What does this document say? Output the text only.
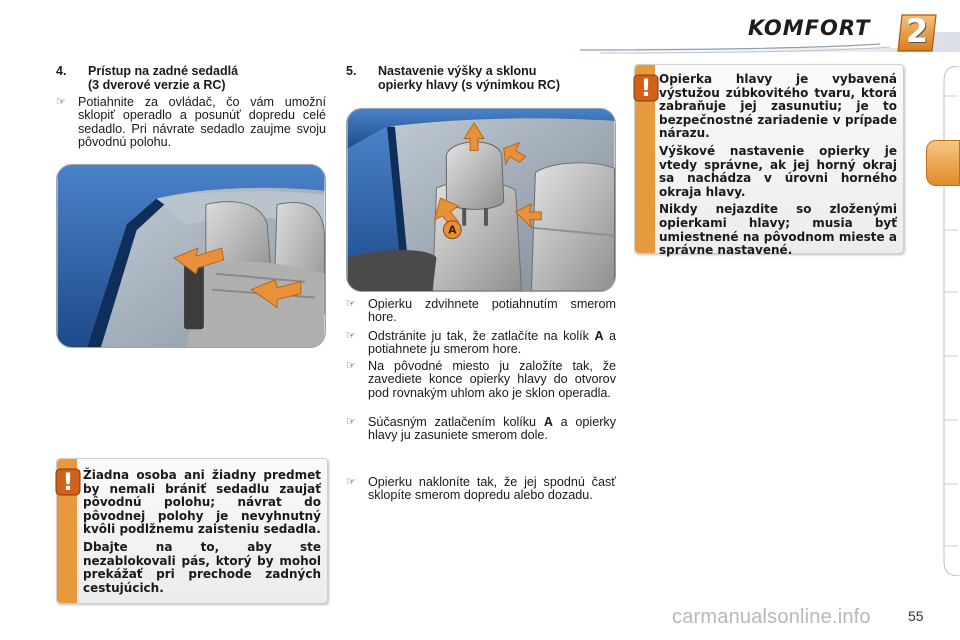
KOMFORT	2
4. Prístup na zadné sedadlá
(3 dverové verzie a RC)
☞ Potiahnite za ovládač, čo vám umožní sklopiť operadlo a posunúť dopredu celé sedadlo. Pri návrate sedadlo zaujme svoju pôvodnú polohu.
5. Nastavenie výšky a sklonu
opierky hlavy (s výnimkou RC)
A
☞ Opierku zdvihnete potiahnutím smerom hore.
☞ Odstránite ju tak, že zatlačíte na kolík A a potiahnete ju smerom hore.
☞ Na pôvodné miesto ju založíte tak, že zavediete konce opierky hlavy do otvorov pod rovnakým uhlom ako je sklon operadla.
☞ Súčasným zatlačením kolíku A a opierky hlavy ju zasuniete smerom dole.
☞ Opierku nakloníte tak, že jej spodnú časť sklopíte smerom dopredu alebo dozadu.
! Žiadna osoba ani žiadny predmet by nemali brániť sedadlu zaujať pôvodnú polohu; návrat do pôvodnej polohy je nevyhnutný kvôli podlžnemu zaisteniu sedadla.

Dbajte na to, aby ste nezablokovali pás, ktorý by mohol prekážať pri prechode zadných cestujúcich.

! Opierka hlavy je vybavená výstužou zúbkovitého tvaru, ktorá zabraňuje jej zasunutiu; je to bezpečnostné zariadenie v prípade nárazu.

Výškové nastavenie opierky je vtedy správne, ak jej horný okraj sa nachádza v úrovni horného okraja hlavy.

Nikdy nejazdite so zloženými opierkami hlavy; musia byť umiestnené na pôvodnom mieste a správne nastavené.

carmanualsonline.info	55
